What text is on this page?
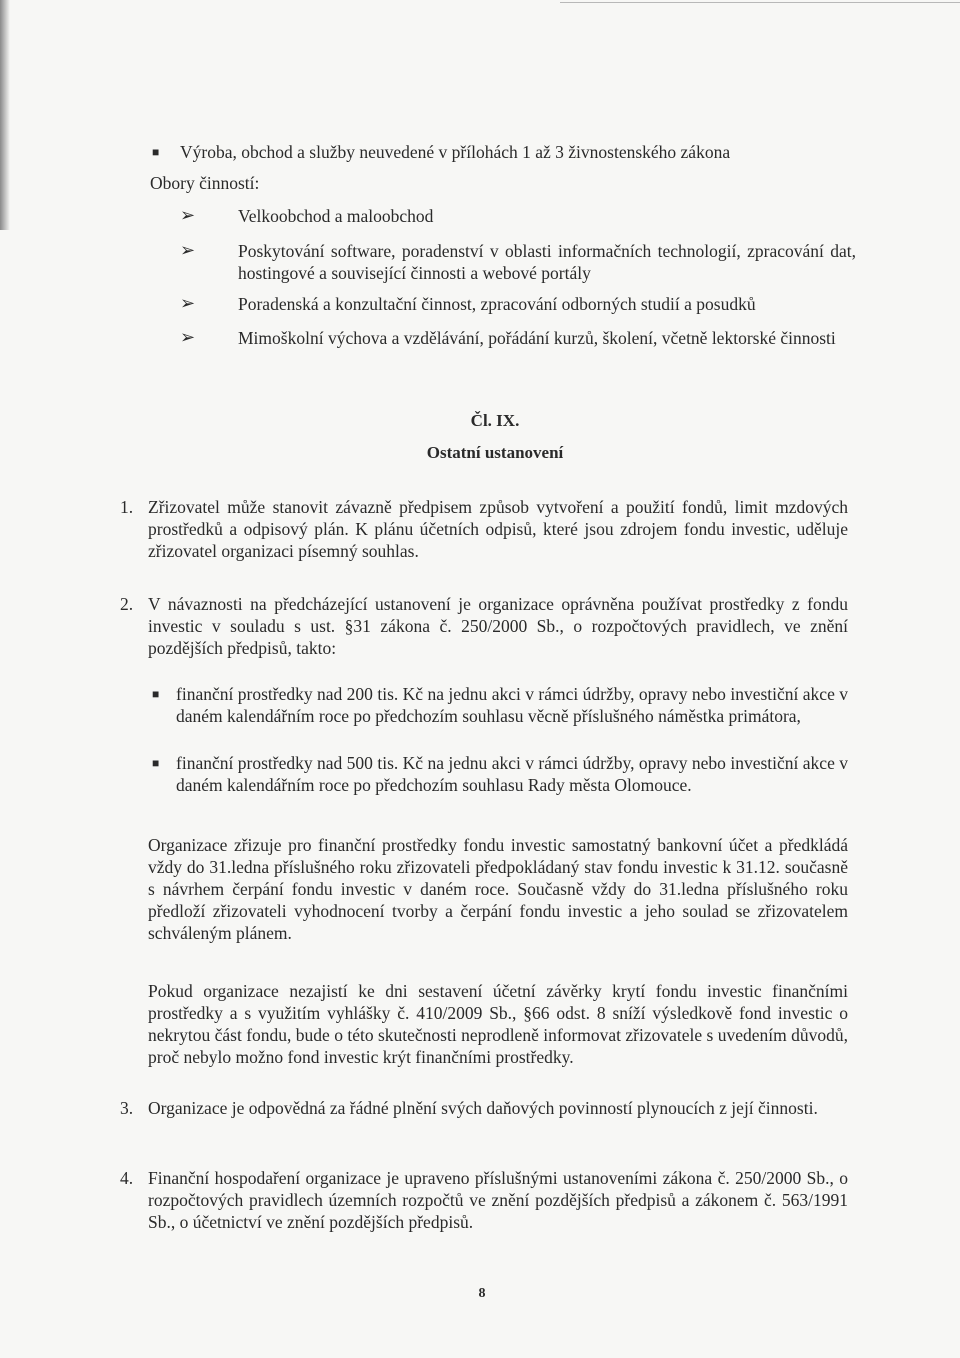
■ Výroba, obchod a služby neuvedené v přílohách 1 až 3 živnostenského zákona
Obory činností:
➢ Velkoobchod a maloobchod
➢ Poskytování software, poradenství v oblasti informačních technologií, zpracování dat, hostingové a související činnosti a webové portály
➢ Poradenská a konzultační činnost, zpracování odborných studií a posudků
➢ Mimoškolní výchova a vzdělávání, pořádání kurzů, školení, včetně lektorské činnosti
Čl. IX.
Ostatní ustanovení
1. Zřizovatel může stanovit závazně předpisem způsob vytvoření a použití fondů, limit mzdových prostředků a odpisový plán. K plánu účetních odpisů, které jsou zdrojem fondu investic, uděluje zřizovatel organizaci písemný souhlas.
2. V návaznosti na předcházející ustanovení je organizace oprávněna používat prostředky z fondu investic v souladu s ust. §31 zákona č. 250/2000 Sb., o rozpočtových pravidlech, ve znění pozdějších předpisů, takto:
■ finanční prostředky nad 200 tis. Kč na jednu akci v rámci údržby, opravy nebo investiční akce v daném kalendářním roce po předchozím souhlasu věcně příslušného náměstka primátora,
■ finanční prostředky nad 500 tis. Kč na jednu akci v rámci údržby, opravy nebo investiční akce v daném kalendářním roce po předchozím souhlasu Rady města Olomouce.
Organizace zřizuje pro finanční prostředky fondu investic samostatný bankovní účet a předkládá vždy do 31.ledna příslušného roku zřizovateli předpokládaný stav fondu investic k 31.12. současně s návrhem čerpání fondu investic v daném roce. Současně vždy do 31.ledna příslušného roku předloží zřizovateli vyhodnocení tvorby a čerpání fondu investic a jeho soulad se zřizovatelem schváleným plánem.
Pokud organizace nezajistí ke dni sestavení účetní závěrky krytí fondu investic finančními prostředky a s využitím vyhlášky č. 410/2009 Sb., §66 odst. 8 sníží výsledkově fond investic o nekrytou část fondu, bude o této skutečnosti neprodleně informovat zřizovatele s uvedením důvodů, proč nebylo možno fond investic krýt finančními prostředky.
3. Organizace je odpovědná za řádné plnění svých daňových povinností plynoucích z její činnosti.
4. Finanční hospodaření organizace je upraveno příslušnými ustanoveními zákona č. 250/2000 Sb., o rozpočtových pravidlech územních rozpočtů ve znění pozdějších předpisů a zákonem č. 563/1991 Sb., o účetnictví ve znění pozdějších předpisů.
8
